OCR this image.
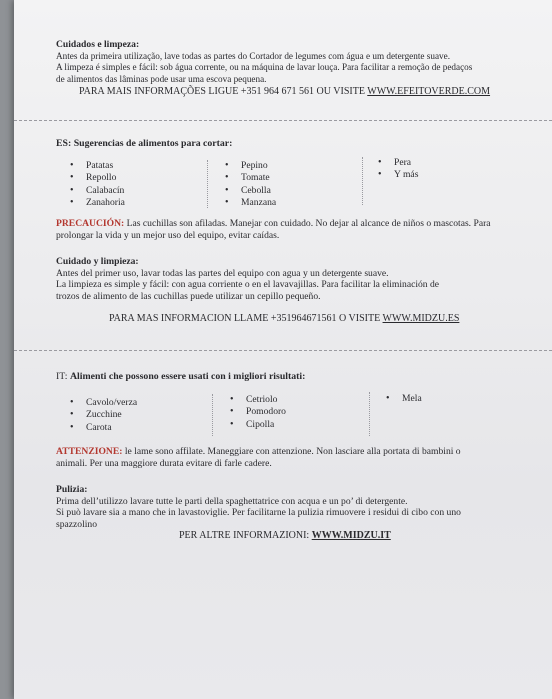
Cuidados e limpeza:

Antes da primeira utilização, lave todas as partes do Cortador de legumes com água e um detergente suave.

A limpeza é simples e fácil: sob água corrente, ou na máquina de lavar louça. Para facilitar a remoção de pedaços

de alimentos das lâminas pode usar uma escova pequena.

PARA MAIS INFORMAÇÕES LIGUE +351 964 671 561 OU VISITE WWW.EFEITOVERDE.COM
ES: Sugerencias de alimentos para cortar:
• Patatas
• Repollo
• Calabacín
• Zanahoria
• Pepino
• Tomate
• Cebolla
• Manzana
• Pera
• Y más

PRECAUCIÓN: Las cuchillas son afiladas. Manejar con cuidado. No dejar al alcance de niños o mascotas. Para

prolongar la vida y un mejor uso del equipo, evitar caídas.

Cuidado y limpieza:

Antes del primer uso, lavar todas las partes del equipo con agua y un detergente suave.

La limpieza es simple y fácil: con agua corriente o en el lavavajillas. Para facilitar la eliminación de

trozos de alimento de las cuchillas puede utilizar un cepillo pequeño.

PARA MAS INFORMACION LLAME +351964671561 O VISITE WWW.MIDZU.ES
IT: Alimenti che possono essere usati con i migliori risultati:
• Cavolo/verza
• Zucchine
• Carota
• Cetriolo
• Pomodoro
• Cipolla
• Mela

ATTENZIONE: le lame sono affilate. Maneggiare con attenzione. Non lasciare alla portata di bambini o

animali. Per una maggiore durata evitare di farle cadere.

Pulizia:

Prima dell’utilizzo lavare tutte le parti della spaghettatrice con acqua e un po’ di detergente.

Si può lavare sia a mano che in lavastoviglie. Per facilitarne la pulizia rimuovere i residui di cibo con uno

spazzolino

PER ALTRE INFORMAZIONI: WWW.MIDZU.IT
